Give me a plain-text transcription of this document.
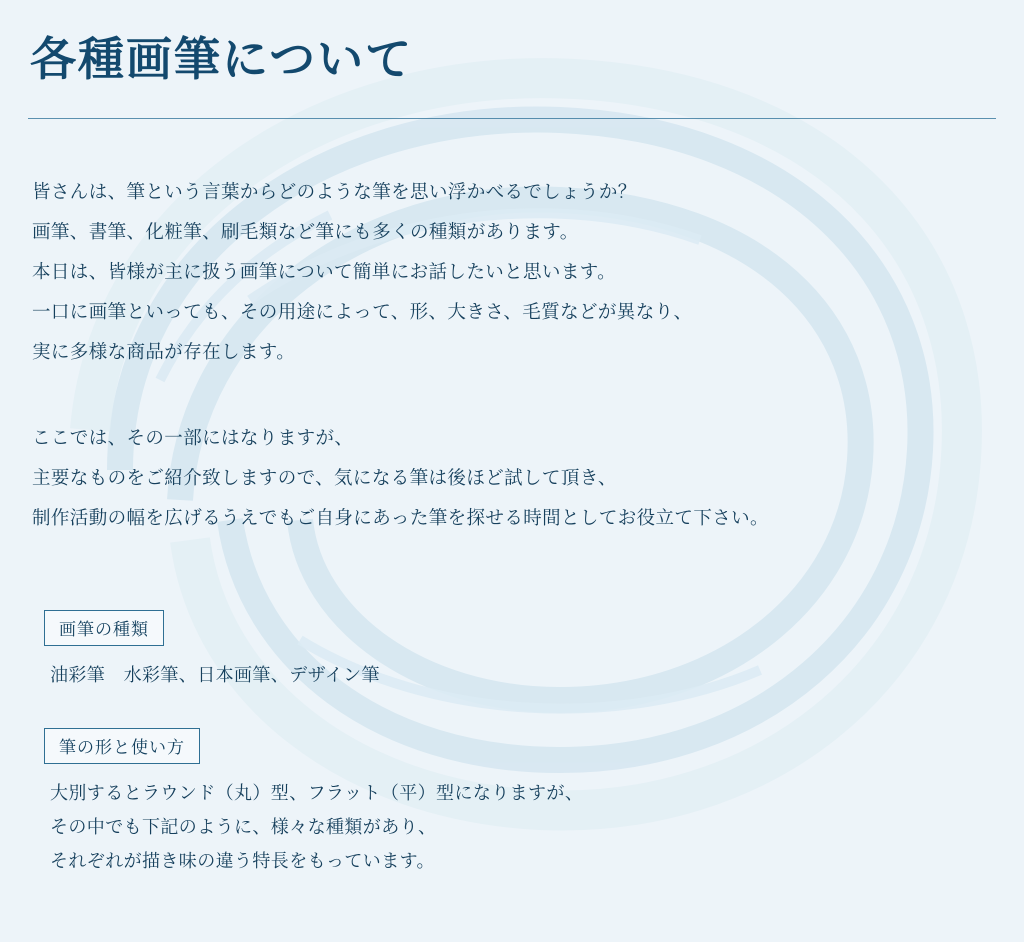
各種画筆について
皆さんは、筆という言葉からどのような筆を思い浮かべるでしょうか？
画筆、書筆、化粧筆、刷毛類など筆にも多くの種類があります。
本日は、皆様が主に扱う画筆について簡単にお話したいと思います。
一口に画筆といっても、その用途によって、形、大きさ、毛質などが異なり、
実に多様な商品が存在します。
ここでは、その一部にはなりますが、
主要なものをご紹介致しますので、気になる筆は後ほど試して頂き、
制作活動の幅を広げるうえでもご自身にあった筆を探せる時間としてお役立て下さい。
画筆の種類
油彩筆　水彩筆、日本画筆、デザイン筆
筆の形と使い方
大別するとラウンド（丸）型、フラット（平）型になりますが、
その中でも下記のように、様々な種類があり、
それぞれが描き味の違う特長をもっています。
